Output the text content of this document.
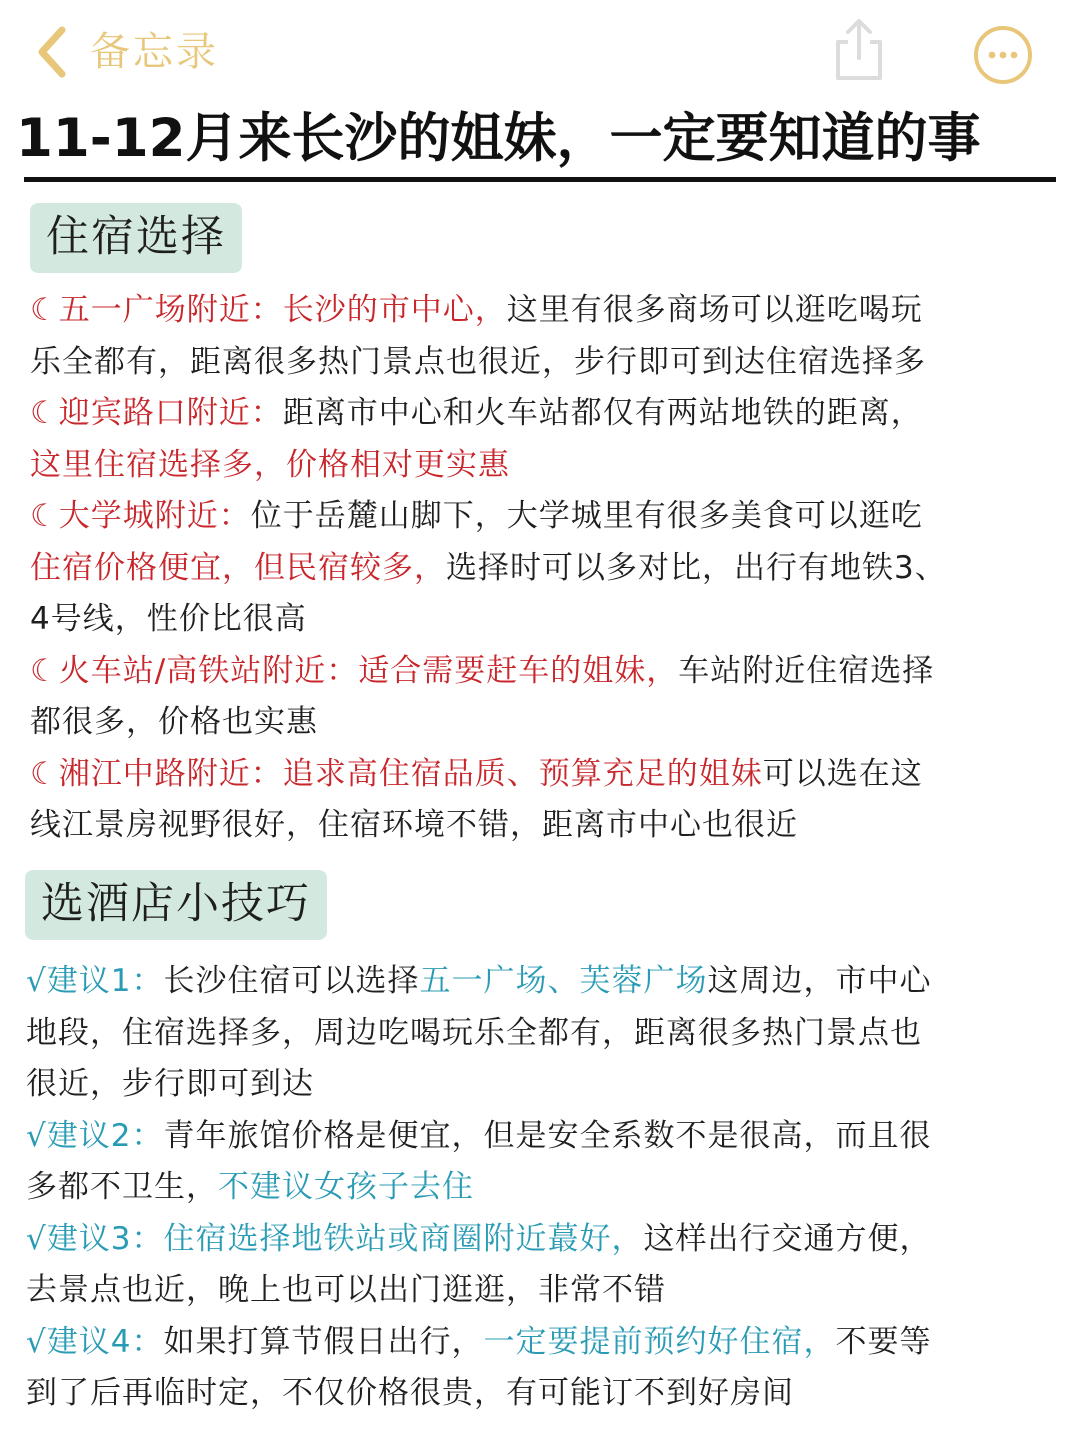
备忘录
11-12月来长沙的姐妹，一定要知道的事
住宿选择
☾五一广场附近：长沙的市中心，这里有很多商场可以逛吃喝玩
乐全都有，距离很多热门景点也很近，步行即可到达住宿选择多
☾迎宾路口附近：距离市中心和火车站都仅有两站地铁的距离，
这里住宿选择多，价格相对更实惠
☾大学城附近：位于岳麓山脚下，大学城里有很多美食可以逛吃
住宿价格便宜，但民宿较多，选择时可以多对比，出行有地铁3、
4号线，性价比很高
☾火车站/高铁站附近：适合需要赶车的姐妹，车站附近住宿选择
都很多，价格也实惠
☾湘江中路附近：追求高住宿品质、预算充足的姐妹可以选在这
线江景房视野很好，住宿环境不错，距离市中心也很近
选酒店小技巧
√建议1：长沙住宿可以选择五一广场、芙蓉广场这周边，市中心
地段，住宿选择多，周边吃喝玩乐全都有，距离很多热门景点也
很近，步行即可到达
√建议2：青年旅馆价格是便宜，但是安全系数不是很高，而且很
多都不卫生，不建议女孩子去住
√建议3：住宿选择地铁站或商圈附近蕞好，这样出行交通方便，
去景点也近，晚上也可以出门逛逛，非常不错
√建议4：如果打算节假日出行，一定要提前预约好住宿，不要等
到了后再临时定，不仅价格很贵，有可能订不到好房间
